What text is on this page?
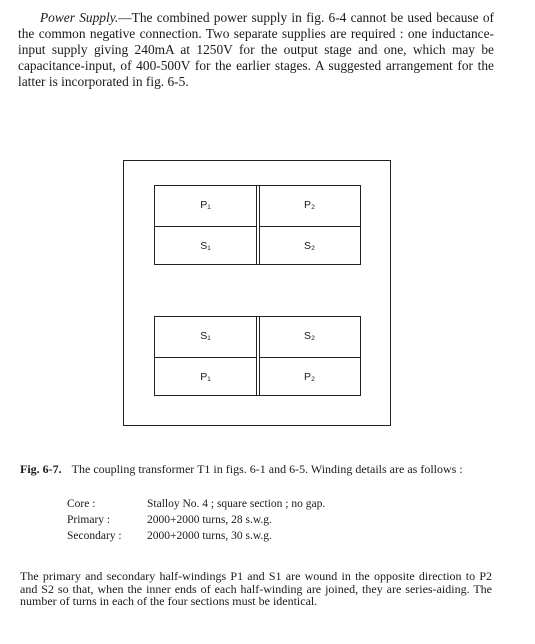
Power Supply.—The combined power supply in fig. 6-4 cannot be used because of the common negative connection. Two separate supplies are required : one inductance-input supply giving 240mA at 1250V for the output stage and one, which may be capacitance-input, of 400-500V for the earlier stages. A suggested arrangement for the latter is incorporated in fig. 6-5.

P₁	P₂
S₁	S₂
S₁	S₂
P₁	P₂

Fig. 6-7. The coupling transformer T1 in figs. 6-1 and 6-5. Winding details are as follows :

Core :	Stalloy No. 4 ; square section ; no gap.
Primary :	2000+2000 turns, 28 s.w.g.
Secondary :	2000+2000 turns, 30 s.w.g.

The primary and secondary half-windings P1 and S1 are wound in the opposite direction to P2 and S2 so that, when the inner ends of each half-winding are joined, they are series-aiding. The number of turns in each of the four sections must be identical.
